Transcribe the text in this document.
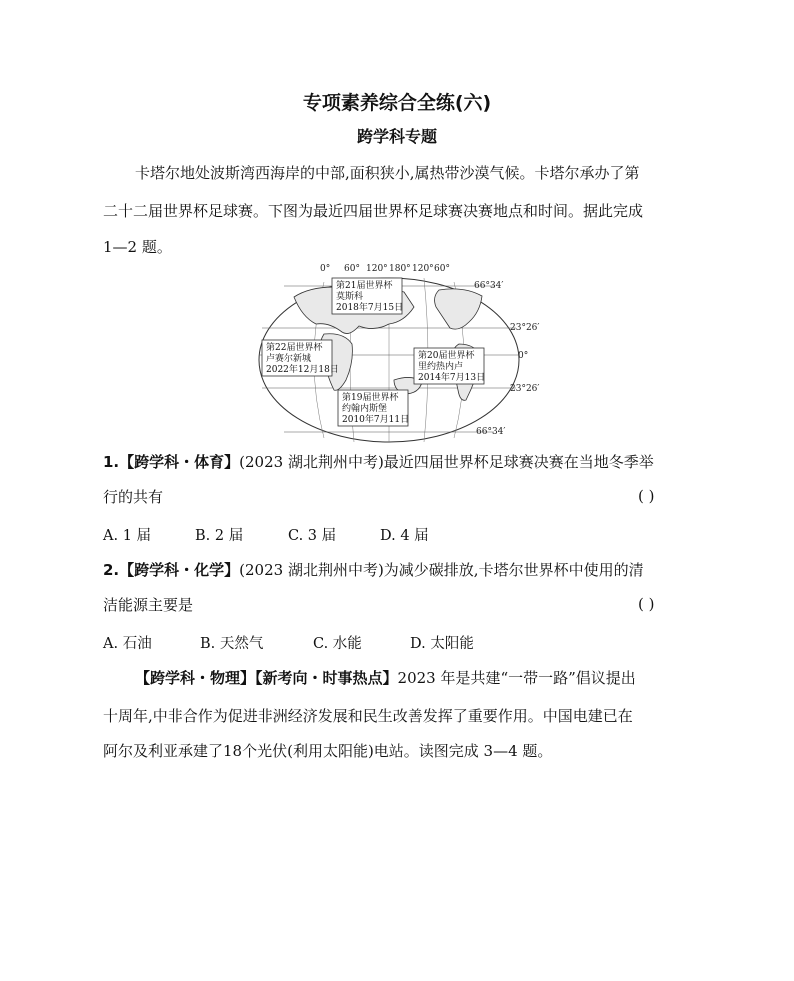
专项素养综合全练(六)
跨学科专题
卡塔尔地处波斯湾西海岸的中部,面积狭小,属热带沙漠气候。卡塔尔承办了第
二十二届世界杯足球赛。下图为最近四届世界杯足球赛决赛地点和时间。据此完成
1—2 题。
0° 60° 120° 180° 120° 60°
66°34′
23°26′
0°
23°26′
66°34′
第21届世界杯
莫斯科
2018年7月15日
第22届世界杯
卢赛尔新城
2022年12月18日
第20届世界杯
里约热内卢
2014年7月13日
第19届世界杯
约翰内斯堡
2010年7月11日
1.【跨学科・体育】(2023 湖北荆州中考)最近四届世界杯足球赛决赛在当地冬季举
行的共有	( )
A. 1 届	B. 2 届	C. 3 届	D. 4 届
2.【跨学科・化学】(2023 湖北荆州中考)为减少碳排放,卡塔尔世界杯中使用的清
洁能源主要是	( )
A. 石油	B. 天然气	C. 水能	D. 太阳能
【跨学科・物理】【新考向・时事热点】2023 年是共建“一带一路”倡议提出
十周年,中非合作为促进非洲经济发展和民生改善发挥了重要作用。中国电建已在
阿尔及利亚承建了18个光伏(利用太阳能)电站。读图完成 3—4 题。
